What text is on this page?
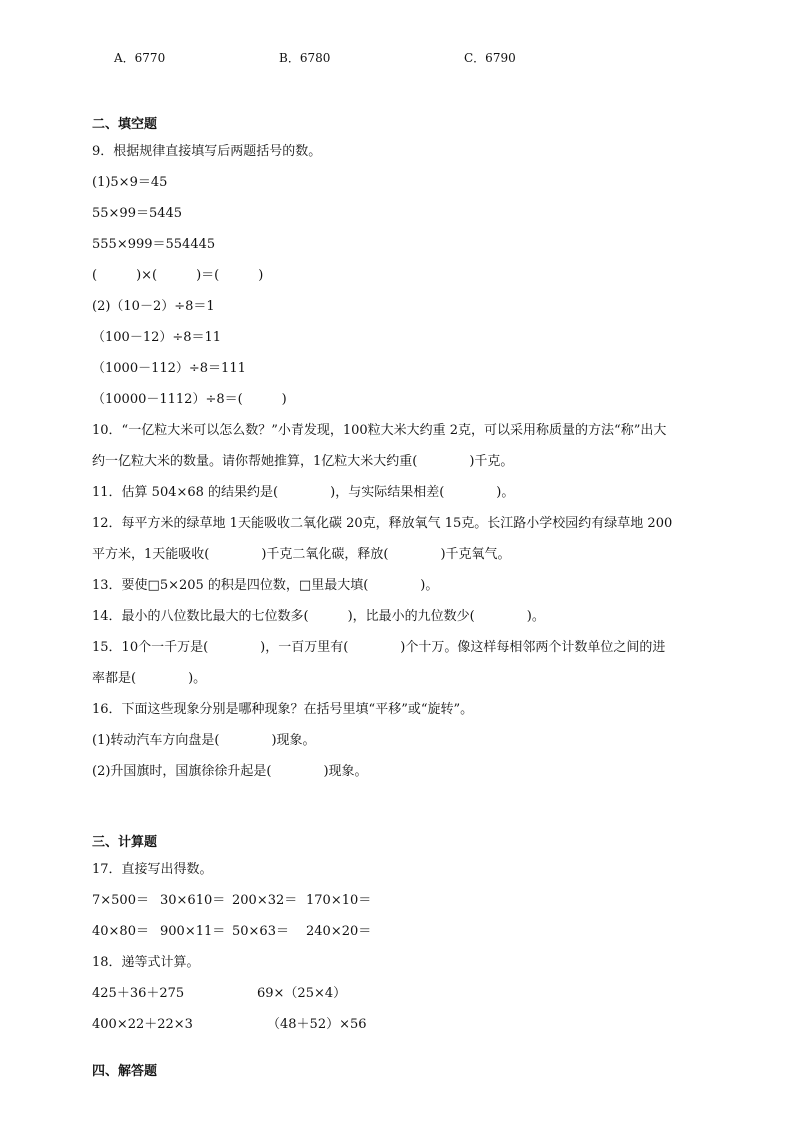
A．6770	B．6780	C．6790
二、填空题
9．根据规律直接填写后两题括号的数。
(1)5×9＝45
55×99＝5445
555×999＝554445
(　　　)×(　　　)＝(　　　)
(2)（10－2）÷8＝1
（100－12）÷8＝11
（1000－112）÷8＝111
（10000－1112）÷8＝(　　　)
10．“一亿粒大米可以怎么数？”小青发现，100粒大米大约重 2克，可以采用称质量的方法“称”出大
约一亿粒大米的数量。请你帮她推算，1亿粒大米大约重(　　　　)千克。
11．估算 504×68 的结果约是(　　　　)，与实际结果相差(　　　　)。
12．每平方米的绿草地 1天能吸收二氧化碳 20克，释放氧气 15克。长江路小学校园约有绿草地 200
平方米，1天能吸收(　　　　)千克二氧化碳，释放(　　　　)千克氧气。
13．要使□5×205 的积是四位数，□里最大填(　　　　)。
14．最小的八位数比最大的七位数多(　　　)，比最小的九位数少(　　　　)。
15．10个一千万是(　　　　)，一百万里有(　　　　)个十万。像这样每相邻两个计数单位之间的进
率都是(　　　　)。
16．下面这些现象分别是哪种现象？在括号里填“平移”或“旋转”。
(1)转动汽车方向盘是(　　　　)现象。
(2)升国旗时，国旗徐徐升起是(　　　　)现象。
三、计算题
17．直接写出得数。
7×500＝ 30×610＝ 200×32＝ 170×10＝
40×80＝ 900×11＝ 50×63＝ 240×20＝
18．递等式计算。
425＋36＋275	69×（25×4）
400×22＋22×3	（48＋52）×56
四、解答题
